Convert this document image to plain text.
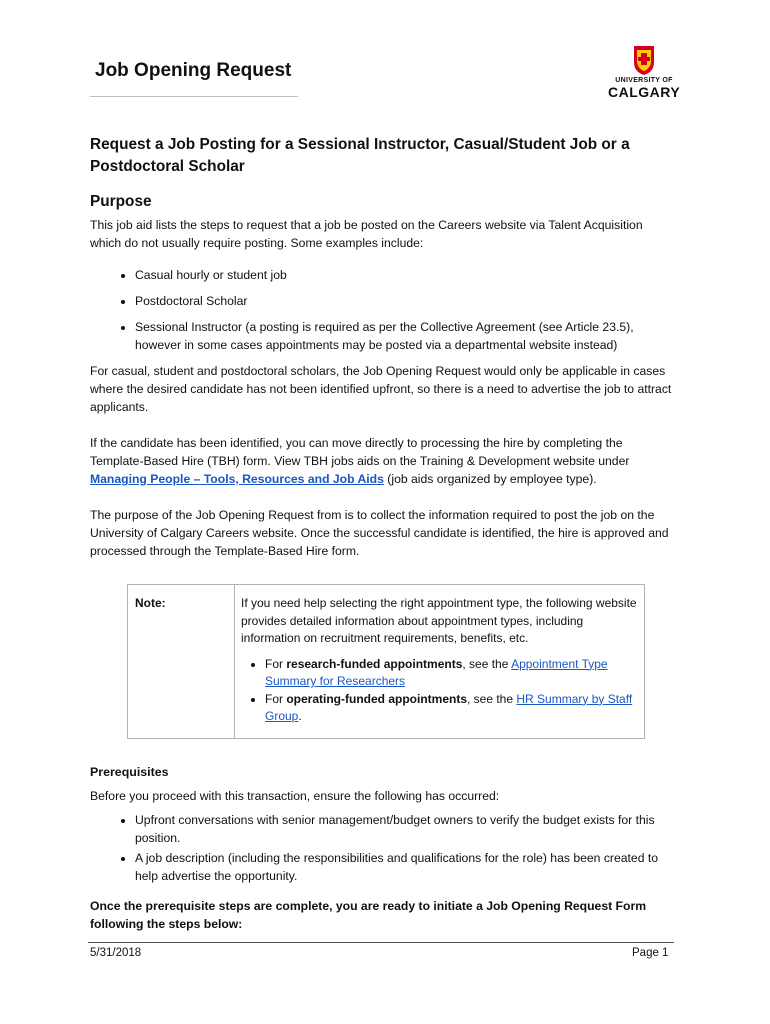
Job Opening Request	UNIVERSITY OF
CALGARY
Request a Job Posting for a Sessional Instructor, Casual/Student Job or a Postdoctoral Scholar
Purpose

This job aid lists the steps to request that a job be posted on the Careers website via Talent Acquisition which do not usually require posting. Some examples include:

• Casual hourly or student job
• Postdoctoral Scholar
• Sessional Instructor (a posting is required as per the Collective Agreement (see Article 23.5), however in some cases appointments may be posted via a departmental website instead)

For casual, student and postdoctoral scholars, the Job Opening Request would only be applicable in cases where the desired candidate has not been identified upfront, so there is a need to advertise the job to attract applicants.

If the candidate has been identified, you can move directly to processing the hire by completing the Template-Based Hire (TBH) form. View TBH jobs aids on the Training & Development website under Managing People – Tools, Resources and Job Aids (job aids organized by employee type).

The purpose of the Job Opening Request from is to collect the information required to post the job on the University of Calgary Careers website. Once the successful candidate is identified, the hire is approved and processed through the Template-Based Hire form.

Note:	If you need help selecting the right appointment type, the following website provides detailed information about appointment types, including information on recruitment requirements, benefits, etc.
• For research-funded appointments, see the Appointment Type Summary for Researchers
• For operating-funded appointments, see the HR Summary by Staff Group.
Prerequisites

Before you proceed with this transaction, ensure the following has occurred:

• Upfront conversations with senior management/budget owners to verify the budget exists for this position.
• A job description (including the responsibilities and qualifications for the role) has been created to help advertise the opportunity.

Once the prerequisite steps are complete, you are ready to initiate a Job Opening Request Form following the steps below:

5/31/2018	Page 1
